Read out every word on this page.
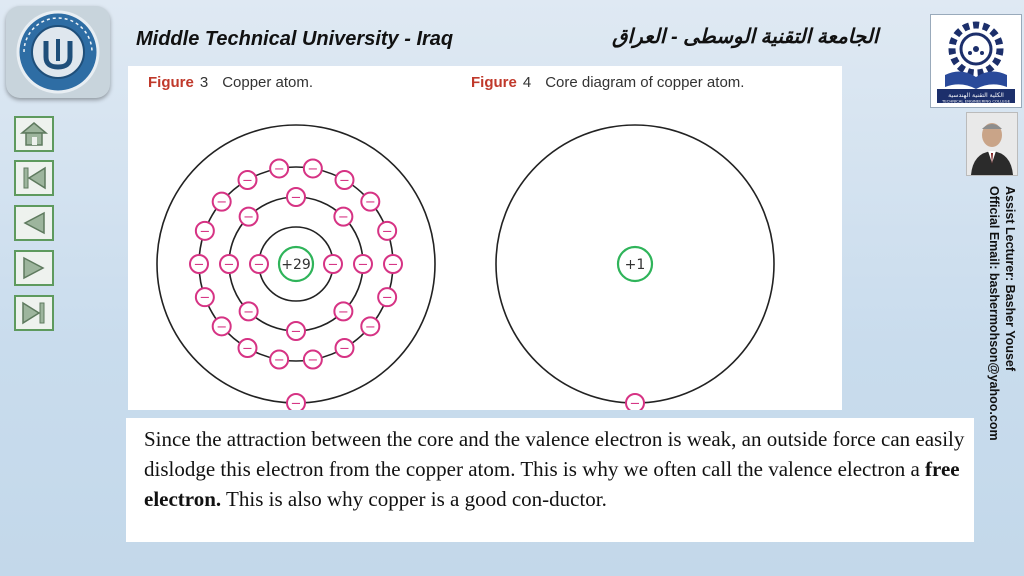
Middle Technical University - Iraq	الجامعة التقنية الوسطى - العراق
الكلية التقنية الهندسية
TECHNICAL ENGINEERING COLLEGE
Assist Lecturer: Basher Yousef
Official Email: bashermohson@yahoo.com
Figure 3 Copper atom.	Figure 4 Core diagram of copper atom.
+29
−	−
−
−
−
−
−
−
−
−
−
−
−
−
− −
−
−
−
−
−
−
−
−
−
−
−
−
−
+1
−

Since the attraction between the core and the valence electron is weak, an outside force can easily dislodge this electron from the copper atom. This is why we often call the valence electron a free electron. This is also why copper is a good con-ductor.
